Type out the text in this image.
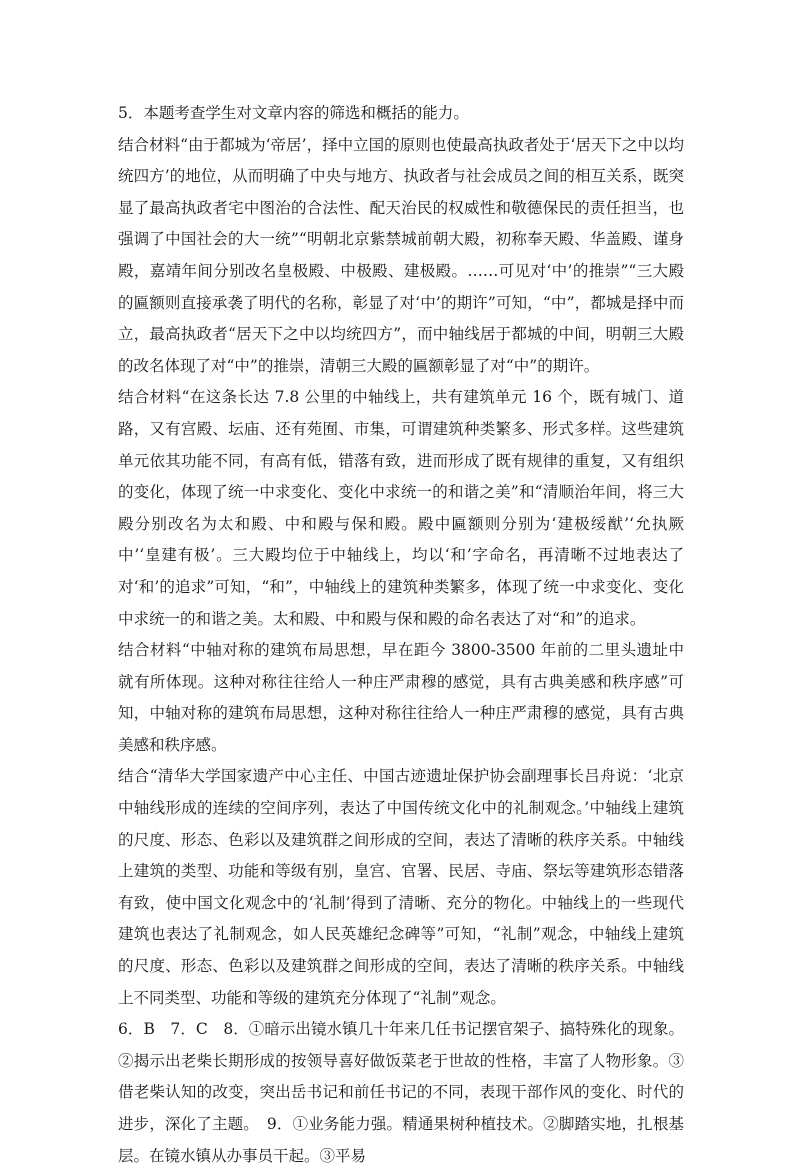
5．本题考查学生对文章内容的筛选和概括的能力。

结合材料“由于都城为‘帝居’，择中立国的原则也使最高执政者处于‘居天下之中以均统四方’的地位，从而明确了中央与地方、执政者与社会成员之间的相互关系，既突显了最高执政者宅中图治的合法性、配天治民的权威性和敬德保民的责任担当，也强调了中国社会的大一统”“明朝北京紫禁城前朝大殿，初称奉天殿、华盖殿、谨身殿，嘉靖年间分别改名皇极殿、中极殿、建极殿。……可见对‘中’的推崇”“三大殿的匾额则直接承袭了明代的名称，彰显了对‘中’的期许”可知，“中”，都城是择中而立，最高执政者“居天下之中以均统四方”，而中轴线居于都城的中间，明朝三大殿的改名体现了对“中”的推崇，清朝三大殿的匾额彰显了对“中”的期许。

结合材料“在这条长达 7.8 公里的中轴线上，共有建筑单元 16 个，既有城门、道路，又有宫殿、坛庙、还有苑囿、市集，可谓建筑种类繁多、形式多样。这些建筑单元依其功能不同，有高有低，错落有致，进而形成了既有规律的重复，又有组织的变化，体现了统一中求变化、变化中求统一的和谐之美”和“清顺治年间，将三大殿分别改名为太和殿、中和殿与保和殿。殿中匾额则分别为‘建极绥猷’‘允执厥中’‘皇建有极’。三大殿均位于中轴线上，均以‘和’字命名，再清晰不过地表达了对‘和’的追求”可知，“和”，中轴线上的建筑种类繁多，体现了统一中求变化、变化中求统一的和谐之美。太和殿、中和殿与保和殿的命名表达了对“和”的追求。

结合材料“中轴对称的建筑布局思想，早在距今 3800-3500 年前的二里头遗址中就有所体现。这种对称往往给人一种庄严肃穆的感觉，具有古典美感和秩序感”可知，中轴对称的建筑布局思想，这种对称往往给人一种庄严肃穆的感觉，具有古典美感和秩序感。

结合“清华大学国家遗产中心主任、中国古迹遗址保护协会副理事长吕舟说：‘北京中轴线形成的连续的空间序列，表达了中国传统文化中的礼制观念。’中轴线上建筑的尺度、形态、色彩以及建筑群之间形成的空间，表达了清晰的秩序关系。中轴线上建筑的类型、功能和等级有别，皇宫、官署、民居、寺庙、祭坛等建筑形态错落有致，使中国文化观念中的‘礼制’得到了清晰、充分的物化。中轴线上的一些现代建筑也表达了礼制观念，如人民英雄纪念碑等”可知，“礼制”观念，中轴线上建筑的尺度、形态、色彩以及建筑群之间形成的空间，表达了清晰的秩序关系。中轴线上不同类型、功能和等级的建筑充分体现了“礼制”观念。

6．B　7．C　8．①暗示出镜水镇几十年来几任书记摆官架子、搞特殊化的现象。②揭示出老柴长期形成的按领导喜好做饭菜老于世故的性格，丰富了人物形象。③借老柴认知的改变，突出岳书记和前任书记的不同，表现干部作风的变化、时代的进步，深化了主题。　9．①业务能力强。精通果树种植技术。②脚踏实地，扎根基层。在镜水镇从办事员干起。③平易
